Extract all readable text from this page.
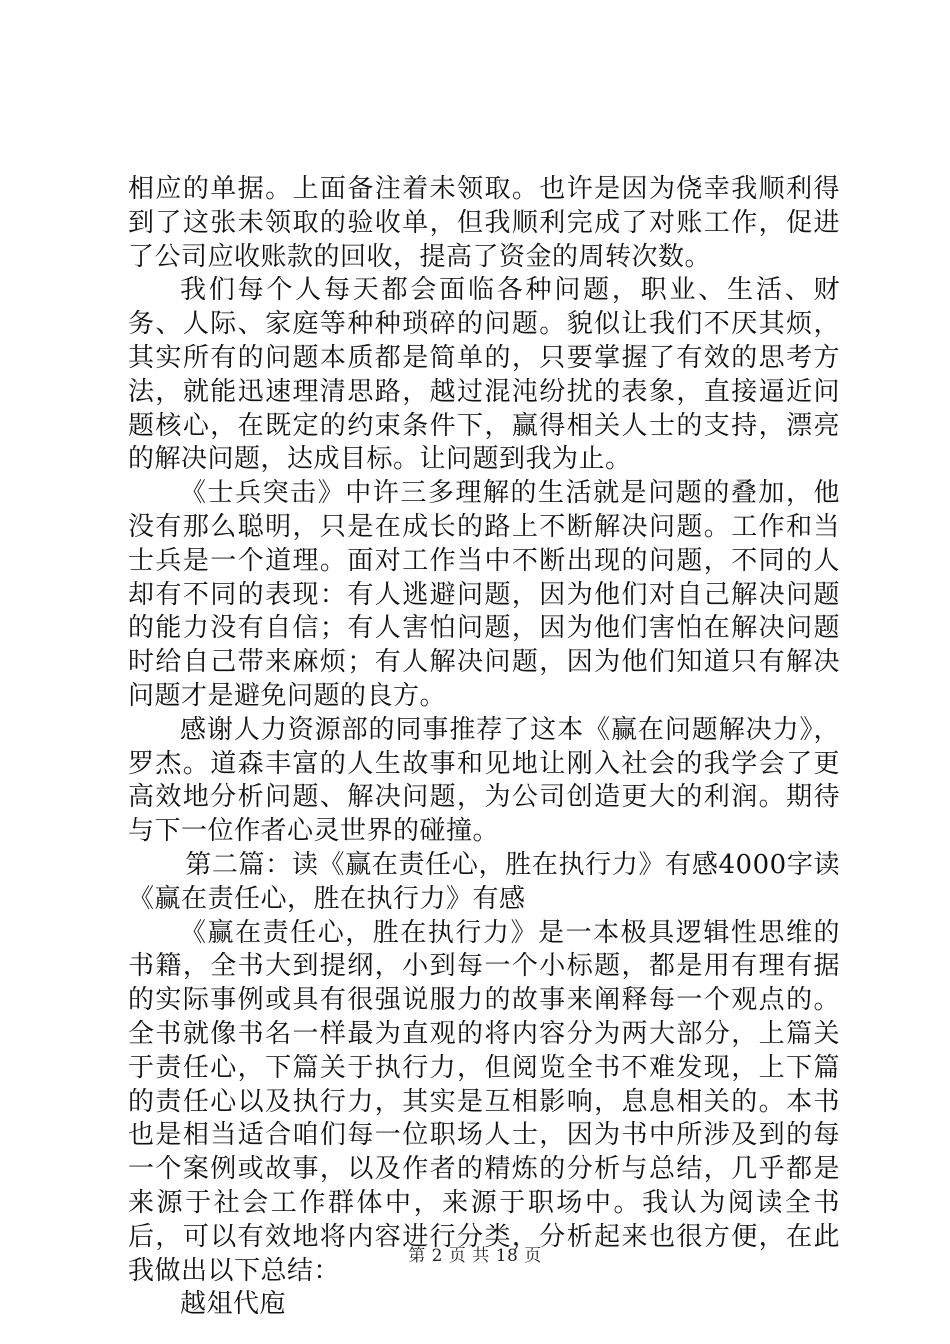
相应的单据。上面备注着未领取。也许是因为侥幸我顺利得到了这张未领取的验收单，但我顺利完成了对账工作，促进了公司应收账款的回收，提高了资金的周转次数。

我们每个人每天都会面临各种问题，职业、生活、财务、人际、家庭等种种琐碎的问题。貌似让我们不厌其烦，其实所有的问题本质都是简单的，只要掌握了有效的思考方法，就能迅速理清思路，越过混沌纷扰的表象，直接逼近问题核心，在既定的约束条件下，赢得相关人士的支持，漂亮的解决问题，达成目标。让问题到我为止。

《士兵突击》中许三多理解的生活就是问题的叠加，他没有那么聪明，只是在成长的路上不断解决问题。工作和当士兵是一个道理。面对工作当中不断出现的问题，不同的人却有不同的表现：有人逃避问题，因为他们对自己解决问题的能力没有自信；有人害怕问题，因为他们害怕在解决问题时给自己带来麻烦；有人解决问题，因为他们知道只有解决问题才是避免问题的良方。

感谢人力资源部的同事推荐了这本《赢在问题解决力》，罗杰。道森丰富的人生故事和见地让刚入社会的我学会了更高效地分析问题、解决问题，为公司创造更大的利润。期待与下一位作者心灵世界的碰撞。

第二篇：读《赢在责任心，胜在执行力》有感4000字读《赢在责任心，胜在执行力》有感

《赢在责任心，胜在执行力》是一本极具逻辑性思维的书籍，全书大到提纲，小到每一个小标题，都是用有理有据的实际事例或具有很强说服力的故事来阐释每一个观点的。全书就像书名一样最为直观的将内容分为两大部分，上篇关于责任心，下篇关于执行力，但阅览全书不难发现，上下篇的责任心以及执行力，其实是互相影响，息息相关的。本书也是相当适合咱们每一位职场人士，因为书中所涉及到的每一个案例或故事，以及作者的精炼的分析与总结，几乎都是来源于社会工作群体中，来源于职场中。我认为阅读全书后，可以有效地将内容进行分类，分析起来也很方便，在此我做出以下总结：

越俎代庖

第 2 页 共 18 页
